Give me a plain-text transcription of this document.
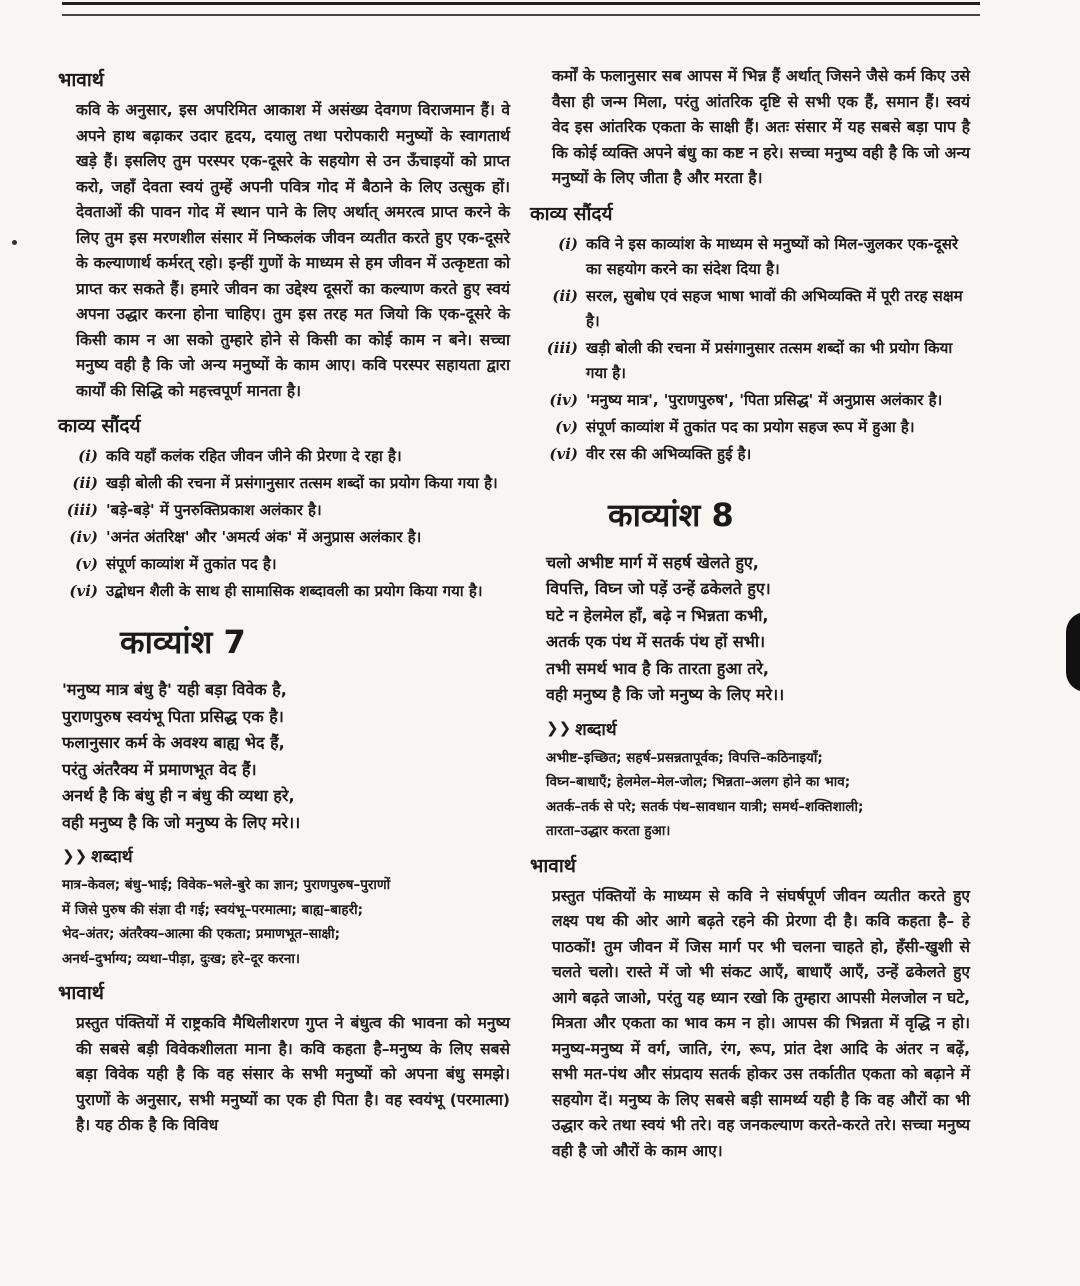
भावार्थ

कवि के अनुसार, इस अपरिमित आकाश में असंख्य देवगण विराजमान हैं। वे अपने हाथ बढ़ाकर उदार हृदय, दयालु तथा परोपकारी मनुष्यों के स्वागतार्थ खड़े हैं। इसलिए तुम परस्पर एक-दूसरे के सहयोग से उन ऊँचाइयों को प्राप्त करो, जहाँ देवता स्वयं तुम्हें अपनी पवित्र गोद में बैठाने के लिए उत्सुक हों। देवताओं की पावन गोद में स्थान पाने के लिए अर्थात् अमरत्व प्राप्त करने के लिए तुम इस मरणशील संसार में निष्कलंक जीवन व्यतीत करते हुए एक-दूसरे के कल्याणार्थ कर्मरत् रहो। इन्हीं गुणों के माध्यम से हम जीवन में उत्कृष्टता को प्राप्त कर सकते हैं। हमारे जीवन का उद्देश्य दूसरों का कल्याण करते हुए स्वयं अपना उद्धार करना होना चाहिए। तुम इस तरह मत जियो कि एक-दूसरे के किसी काम न आ सको तुम्हारे होने से किसी का कोई काम न बने। सच्चा मनुष्य वही है कि जो अन्य मनुष्यों के काम आए। कवि परस्पर सहायता द्वारा कार्यों की सिद्धि को महत्त्वपूर्ण मानता है।

काव्य सौंदर्य
(i) कवि यहाँ कलंक रहित जीवन जीने की प्रेरणा दे रहा है।
(ii) खड़ी बोली की रचना में प्रसंगानुसार तत्सम शब्दों का प्रयोग किया गया है।
(iii) 'बड़े-बड़े' में पुनरुक्तिप्रकाश अलंकार है।
(iv) 'अनंत अंतरिक्ष' और 'अमर्त्य अंक' में अनुप्रास अलंकार है।
(v) संपूर्ण काव्यांश में तुकांत पद है।
(vi) उद्बोधन शैली के साथ ही सामासिक शब्दावली का प्रयोग किया गया है।
काव्यांश 7
'मनुष्य मात्र बंधु है' यही बड़ा विवेक है,
पुराणपुरुष स्वयंभू पिता प्रसिद्ध एक है।
फलानुसार कर्म के अवश्य बाह्य भेद हैं,
परंतु अंतरैक्य में प्रमाणभूत वेद हैं।
अनर्थ है कि बंधु ही न बंधु की व्यथा हरे,
वही मनुष्य है कि जो मनुष्य के लिए मरे।।
❯❯ शब्दार्थ
मात्र–केवल; बंधु–भाई; विवेक–भले-बुरे का ज्ञान; पुराणपुरुष–पुराणों
में जिसे पुरुष की संज्ञा दी गई; स्वयंभू–परमात्मा; बाह्य–बाहरी;
भेद–अंतर; अंतरैक्य–आत्मा की एकता; प्रमाणभूत–साक्षी;
अनर्थ–दुर्भाग्य; व्यथा–पीड़ा, दुःख; हरे–दूर करना।
भावार्थ

प्रस्तुत पंक्तियों में राष्ट्रकवि मैथिलीशरण गुप्त ने बंधुत्व की भावना को मनुष्य की सबसे बड़ी विवेकशीलता माना है। कवि कहता है–मनुष्य के लिए सबसे बड़ा विवेक यही है कि वह संसार के सभी मनुष्यों को अपना बंधु समझे। पुराणों के अनुसार, सभी मनुष्यों का एक ही पिता है। वह स्वयंभू (परमात्मा) है। यह ठीक है कि विविध

कर्मों के फलानुसार सब आपस में भिन्न हैं अर्थात् जिसने जैसे कर्म किए उसे वैसा ही जन्म मिला, परंतु आंतरिक दृष्टि से सभी एक हैं, समान हैं। स्वयं वेद इस आंतरिक एकता के साक्षी हैं। अतः संसार में यह सबसे बड़ा पाप है कि कोई व्यक्ति अपने बंधु का कष्ट न हरे। सच्चा मनुष्य वही है कि जो अन्य मनुष्यों के लिए जीता है और मरता है।

काव्य सौंदर्य
(i) कवि ने इस काव्यांश के माध्यम से मनुष्यों को मिल-जुलकर एक-दूसरे का सहयोग करने का संदेश दिया है।
(ii) सरल, सुबोध एवं सहज भाषा भावों की अभिव्यक्ति में पूरी तरह सक्षम है।
(iii) खड़ी बोली की रचना में प्रसंगानुसार तत्सम शब्दों का भी प्रयोग किया गया है।
(iv) 'मनुष्य मात्र', 'पुराणपुरुष', 'पिता प्रसिद्ध' में अनुप्रास अलंकार है।
(v) संपूर्ण काव्यांश में तुकांत पद का प्रयोग सहज रूप में हुआ है।
(vi) वीर रस की अभिव्यक्ति हुई है।
काव्यांश 8
चलो अभीष्ट मार्ग में सहर्ष खेलते हुए,
विपत्ति, विघ्न जो पड़ें उन्हें ढकेलते हुए।
घटे न हेलमेल हाँ, बढ़े न भिन्नता कभी,
अतर्क एक पंथ में सतर्क पंथ हों सभी।
तभी समर्थ भाव है कि तारता हुआ तरे,
वही मनुष्य है कि जो मनुष्य के लिए मरे।।
❯❯ शब्दार्थ
अभीष्ट–इच्छित; सहर्ष–प्रसन्नतापूर्वक; विपत्ति–कठिनाइयाँ;
विघ्न–बाधाएँ; हेलमेल–मेल-जोल; भिन्नता–अलग होने का भाव;
अतर्क–तर्क से परे; सतर्क पंथ–सावधान यात्री; समर्थ–शक्तिशाली;
तारता–उद्धार करता हुआ।
भावार्थ

प्रस्तुत पंक्तियों के माध्यम से कवि ने संघर्षपूर्ण जीवन व्यतीत करते हुए लक्ष्य पथ की ओर आगे बढ़ते रहने की प्रेरणा दी है। कवि कहता है– हे पाठकों! तुम जीवन में जिस मार्ग पर भी चलना चाहते हो, हँसी-खुशी से चलते चलो। रास्ते में जो भी संकट आएँ, बाधाएँ आएँ, उन्हें ढकेलते हुए आगे बढ़ते जाओ, परंतु यह ध्यान रखो कि तुम्हारा आपसी मेलजोल न घटे, मित्रता और एकता का भाव कम न हो। आपस की भिन्नता में वृद्धि न हो। मनुष्य-मनुष्य में वर्ग, जाति, रंग, रूप, प्रांत देश आदि के अंतर न बढ़ें, सभी मत-पंथ और संप्रदाय सतर्क होकर उस तर्कातीत एकता को बढ़ाने में सहयोग दें। मनुष्य के लिए सबसे बड़ी सामर्थ्य यही है कि वह औरों का भी उद्धार करे तथा स्वयं भी तरे। वह जनकल्याण करते-करते तरे। सच्चा मनुष्य वही है जो औरों के काम आए।
